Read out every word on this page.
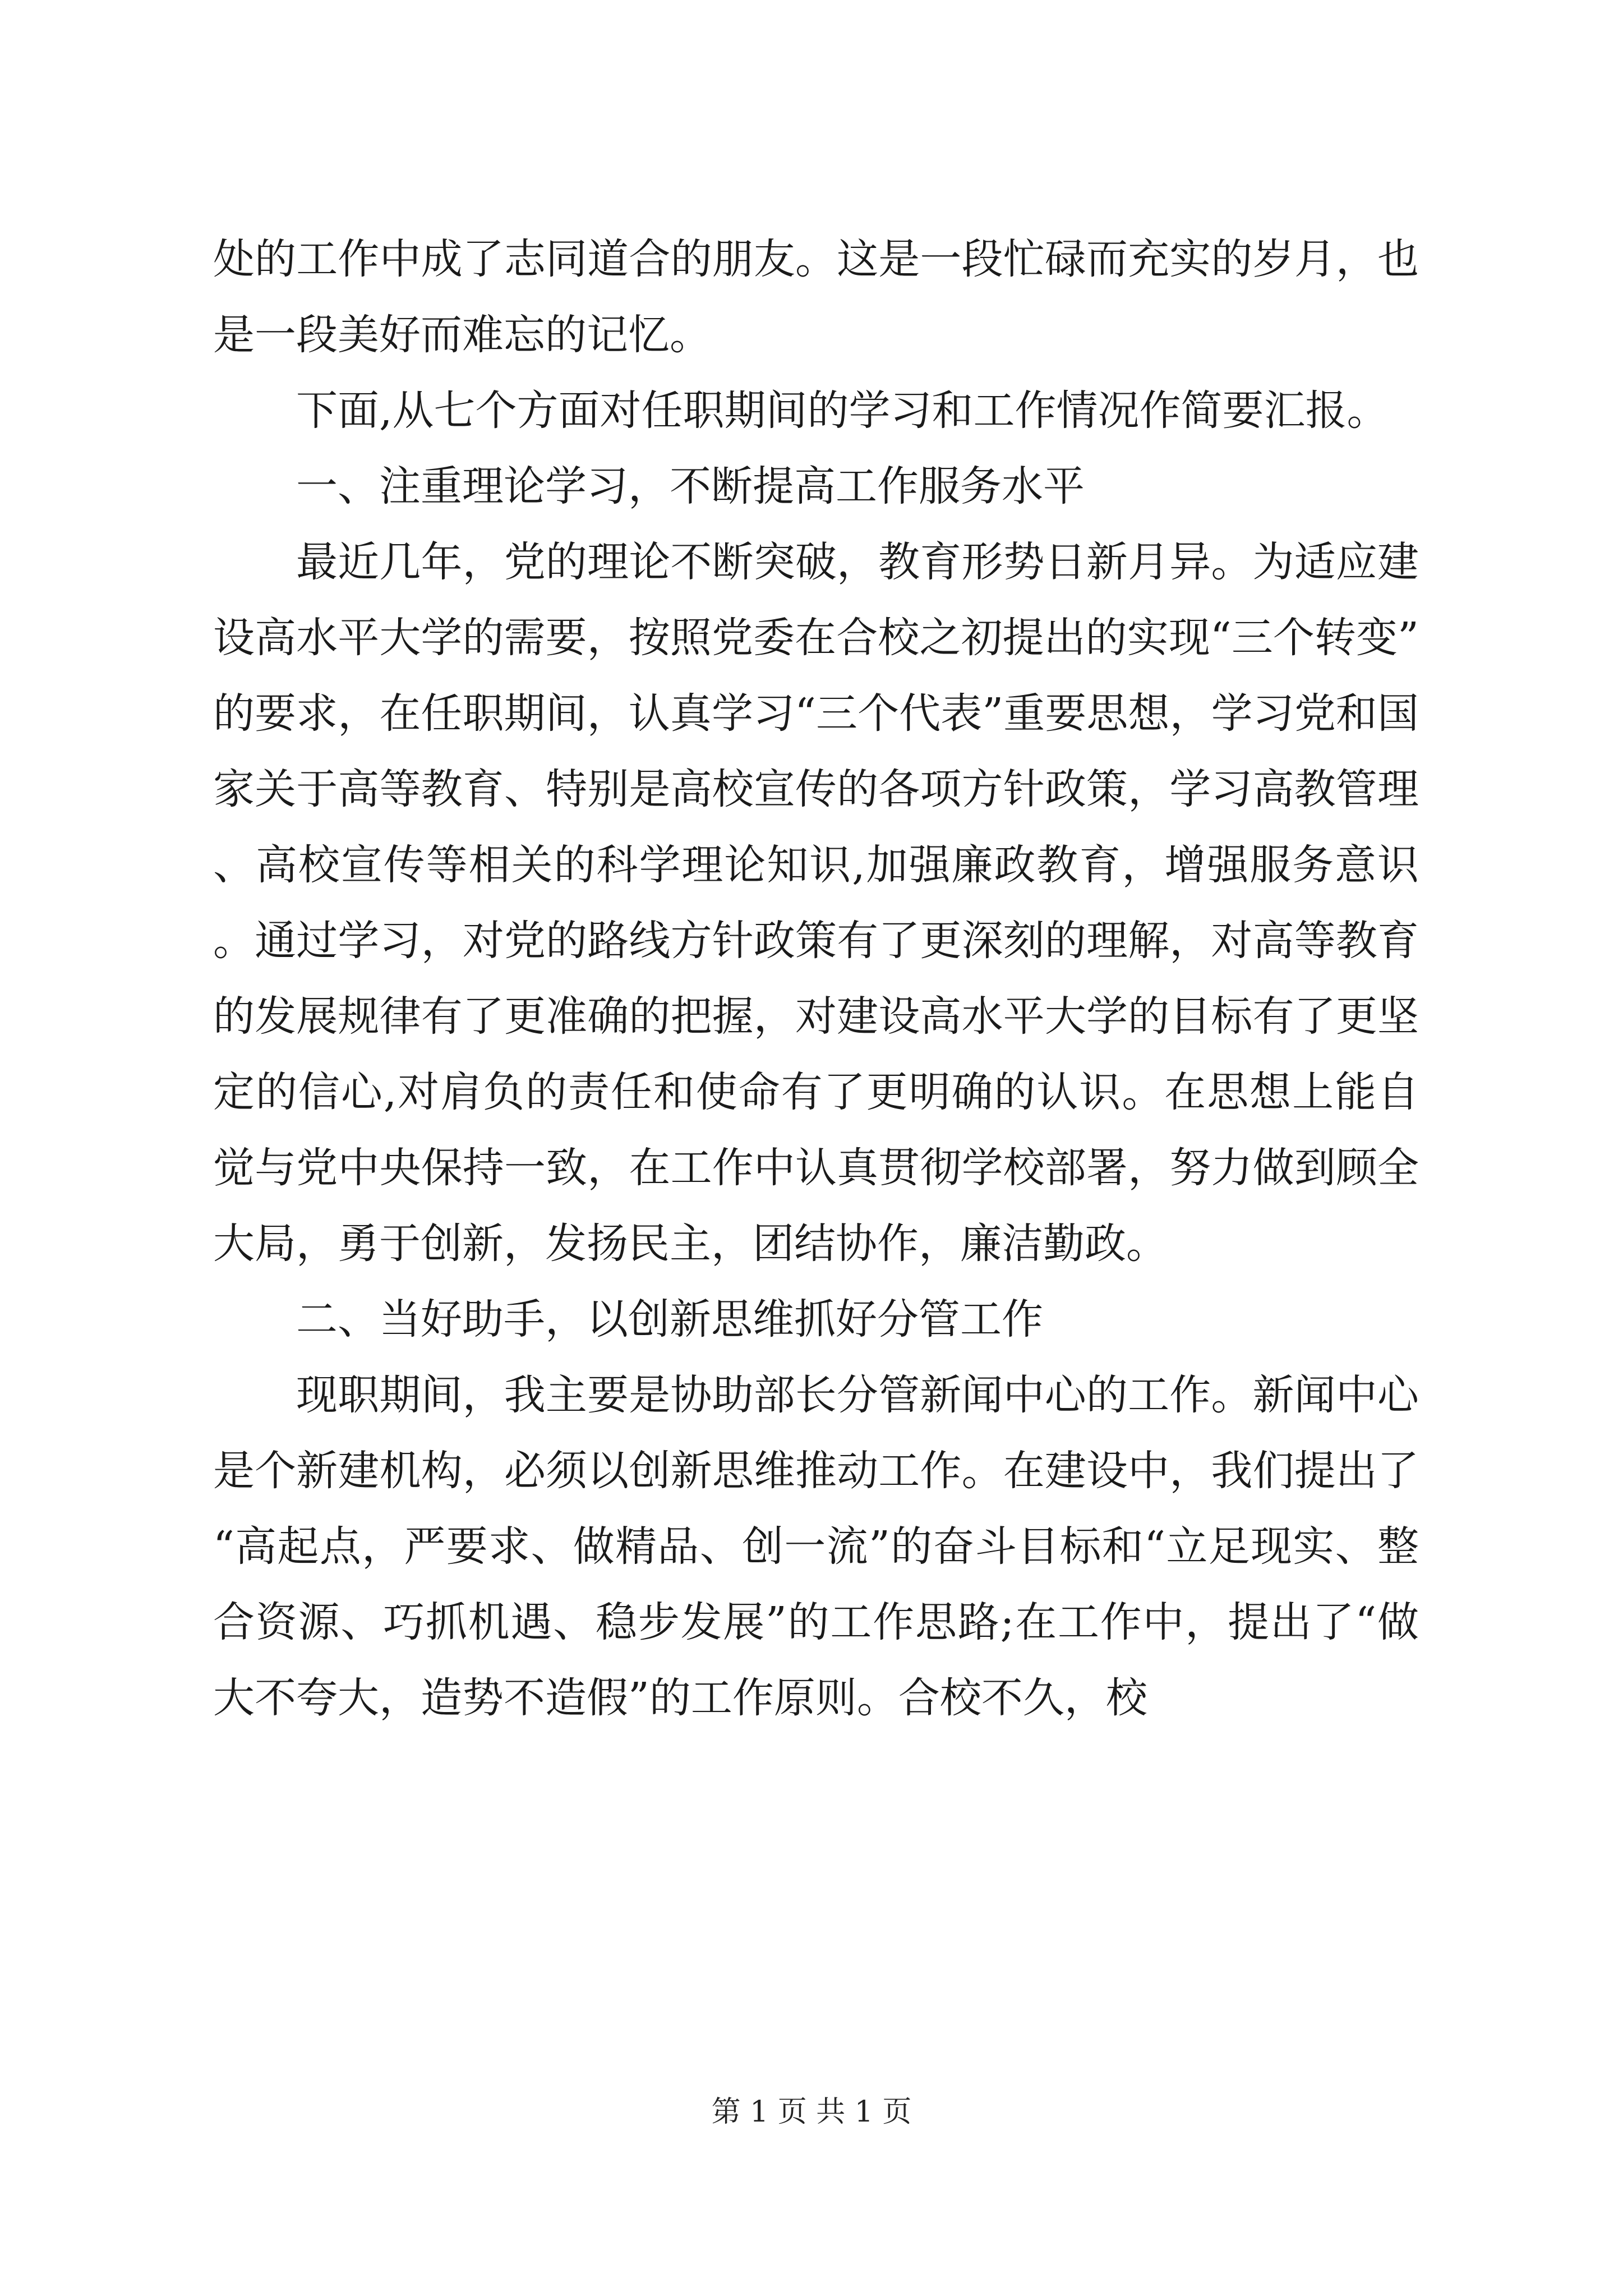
处的工作中成了志同道合的朋友。这是一段忙碌而充实的岁月，也是一段美好而难忘的记忆。

下面,从七个方面对任职期间的学习和工作情况作简要汇报。

一、注重理论学习，不断提高工作服务水平

最近几年，党的理论不断突破，教育形势日新月异。为适应建设高水平大学的需要，按照党委在合校之初提出的实现“三个转变”的要求，在任职期间，认真学习“三个代表”重要思想，学习党和国家关于高等教育、特别是高校宣传的各项方针政策，学习高教管理、高校宣传等相关的科学理论知识,加强廉政教育，增强服务意识。通过学习，对党的路线方针政策有了更深刻的理解，对高等教育的发展规律有了更准确的把握，对建设高水平大学的目标有了更坚定的信心,对肩负的责任和使命有了更明确的认识。在思想上能自觉与党中央保持一致，在工作中认真贯彻学校部署，努力做到顾全大局，勇于创新，发扬民主，团结协作，廉洁勤政。

二、当好助手，以创新思维抓好分管工作

现职期间，我主要是协助部长分管新闻中心的工作。新闻中心是个新建机构，必须以创新思维推动工作。在建设中，我们提出了“高起点，严要求、做精品、创一流”的奋斗目标和“立足现实、整合资源、巧抓机遇、稳步发展”的工作思路;在工作中，提出了“做大不夸大，造势不造假”的工作原则。合校不久，校

第 1 页 共 1 页
